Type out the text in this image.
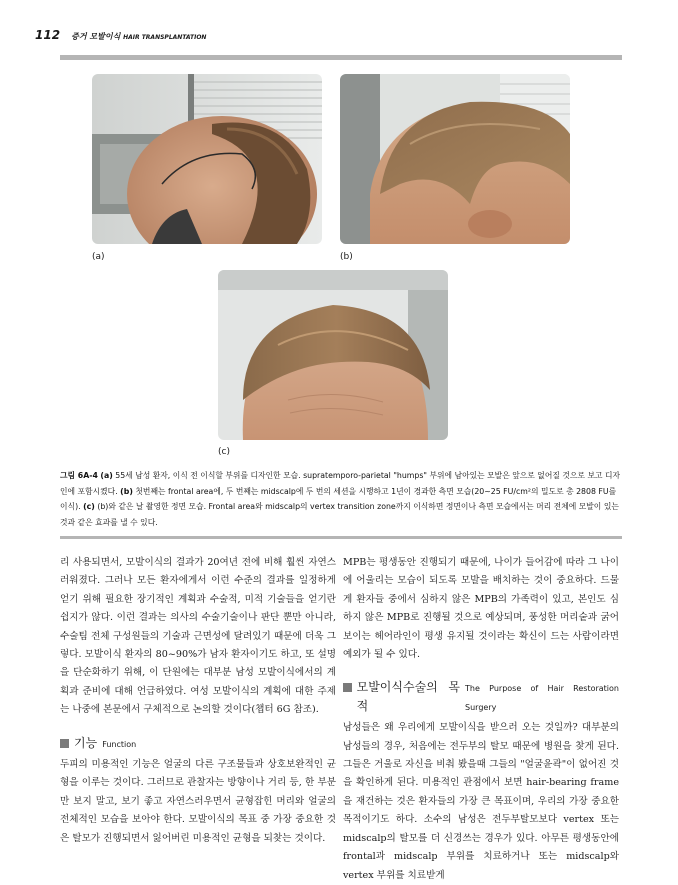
112 증거 모발이식 HAIR TRANSPLANTATION
(a)	(b)
(c)
그림 6A-4 (a) 55세 남성 환자, 이식 전 이식할 부위를 디자인한 모습. supratemporo-parietal "humps" 부위에 남아있는 모발은 앞으로 없어질 것으로 보고 디자인에 포함시켰다. (b) 첫번째는 frontal area에, 두 번째는 midscalp에 두 번의 세션을 시행하고 1년이 경과한 측면 모습(20~25 FU/cm²의 밀도로 총 2808 FU를 이식). (c) (b)와 같은 날 촬영한 정면 모습. Frontal area와 midscalp의 vertex transition zone까지 이식하면 정면이나 측면 모습에서는 머리 전체에 모발이 있는 것과 같은 효과를 낼 수 있다.

리 사용되면서, 모발이식의 결과가 20여년 전에 비해 훨씬 자연스러워졌다. 그러나 모든 환자에게서 이런 수준의 결과를 일정하게 얻기 위해 필요한 장기적인 계획과 수술적, 미적 기술들을 얻기란 쉽지가 않다. 이런 결과는 의사의 수술기술이나 판단 뿐만 아니라, 수술팀 전체 구성원들의 기술과 근면성에 달려있기 때문에 더욱 그렇다. 모발이식 환자의 80~90%가 남자 환자이기도 하고, 또 설명을 단순화하기 위해, 이 단원에는 대부분 남성 모발이식에서의 계획과 준비에 대해 언급하였다. 여성 모발이식의 계획에 대한 주제는 나중에 본문에서 구체적으로 논의할 것이다(챕터 6G 참조).

기능 Function

두피의 미용적인 기능은 얼굴의 다른 구조물들과 상호보완적인 균형을 이루는 것이다. 그러므로 관찰자는 방향이나 거리 등, 한 부분만 보지 말고, 보기 좋고 자연스러우면서 균형잡힌 머리와 얼굴의 전체적인 모습을 보아야 한다. 모발이식의 목표 중 가장 중요한 것은 탈모가 진행되면서 잃어버린 미용적인 균형을 되찾는 것이다.

MPB는 평생동안 진행되기 때문에, 나이가 들어감에 따라 그 나이에 어울리는 모습이 되도록 모발을 배치하는 것이 중요하다. 드물게 환자들 중에서 심하지 않은 MPB의 가족력이 있고, 본인도 심하지 않은 MPB로 진행될 것으로 예상되며, 풍성한 머리숱과 굵어 보이는 헤어라인이 평생 유지될 것이라는 확신이 드는 사람이라면 예외가 될 수 있다.

모발이식수술의 목적
The Purpose of Hair Restoration Surgery

남성들은 왜 우리에게 모발이식을 받으러 오는 것일까? 대부분의 남성들의 경우, 처음에는 전두부의 탈모 때문에 병원을 찾게 된다. 그들은 거울로 자신을 비춰 봤을때 그들의 "얼굴윤곽"이 없어진 것을 확인하게 된다. 미용적인 관점에서 보면 hair-bearing frame을 재건하는 것은 환자들의 가장 큰 목표이며, 우리의 가장 중요한 목적이기도 하다. 소수의 남성은 전두부탈모보다 vertex 또는 midscalp의 탈모를 더 신경쓰는 경우가 있다. 아무튼 평생동안에 frontal과 midscalp 부위를 치료하거나 또는 midscalp와 vertex 부위를 치료받게
